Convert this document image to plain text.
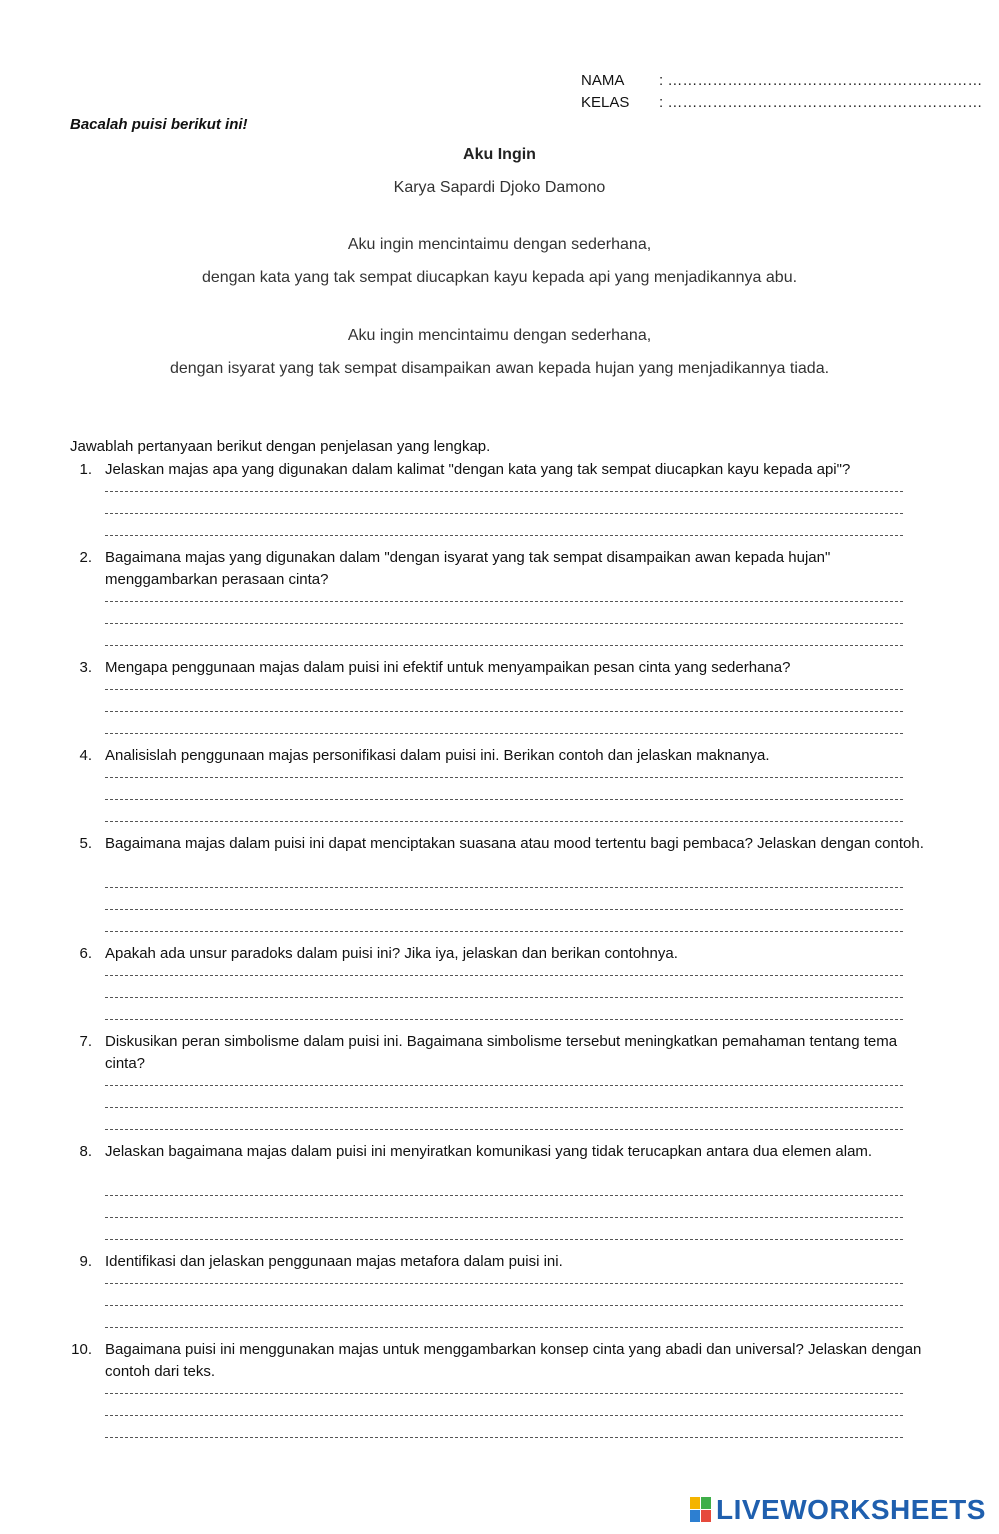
NAMA : ………………………………………………………
KELAS : ………………………………………………………
Bacalah puisi berikut ini!
Aku Ingin
Karya Sapardi Djoko Damono
Aku ingin mencintaimu dengan sederhana,
dengan kata yang tak sempat diucapkan kayu kepada api yang menjadikannya abu.
Aku ingin mencintaimu dengan sederhana,
dengan isyarat yang tak sempat disampaikan awan kepada hujan yang menjadikannya tiada.
Jawablah pertanyaan berikut dengan penjelasan yang lengkap.
1. Jelaskan majas apa yang digunakan dalam kalimat "dengan kata yang tak sempat diucapkan kayu kepada api"?
2. Bagaimana majas yang digunakan dalam "dengan isyarat yang tak sempat disampaikan awan kepada hujan" menggambarkan perasaan cinta?
3. Mengapa penggunaan majas dalam puisi ini efektif untuk menyampaikan pesan cinta yang sederhana?
4. Analisislah penggunaan majas personifikasi dalam puisi ini. Berikan contoh dan jelaskan maknanya.
5. Bagaimana majas dalam puisi ini dapat menciptakan suasana atau mood tertentu bagi pembaca? Jelaskan dengan contoh.
6. Apakah ada unsur paradoks dalam puisi ini? Jika iya, jelaskan dan berikan contohnya.
7. Diskusikan peran simbolisme dalam puisi ini. Bagaimana simbolisme tersebut meningkatkan pemahaman tentang tema cinta?
8. Jelaskan bagaimana majas dalam puisi ini menyiratkan komunikasi yang tidak terucapkan antara dua elemen alam.
9. Identifikasi dan jelaskan penggunaan majas metafora dalam puisi ini.
10. Bagaimana puisi ini menggunakan majas untuk menggambarkan konsep cinta yang abadi dan universal? Jelaskan dengan contoh dari teks.
LIVEWORKSHEETS
